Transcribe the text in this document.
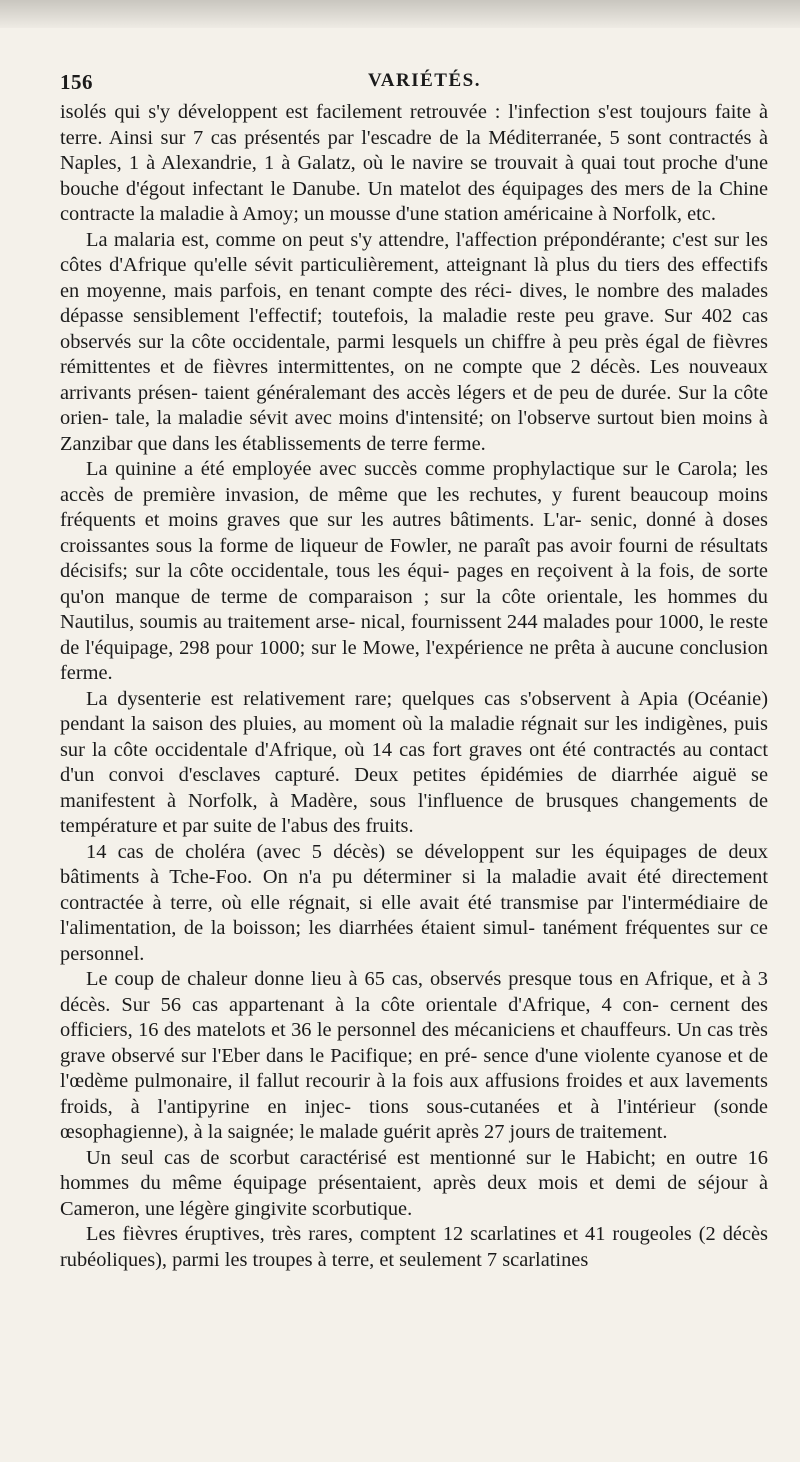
156	VARIÉTÉS.

isolés qui s'y développent est facilement retrouvée : l'infection s'est toujours faite à terre. Ainsi sur 7 cas présentés par l'escadre de la Méditerranée, 5 sont contractés à Naples, 1 à Alexandrie, 1 à Galatz, où le navire se trouvait à quai tout proche d'une bouche d'égout infectant le Danube. Un matelot des équipages des mers de la Chine contracte la maladie à Amoy; un mousse d'une station américaine à Norfolk, etc.

La malaria est, comme on peut s'y attendre, l'affection prépondérante; c'est sur les côtes d'Afrique qu'elle sévit particulièrement, atteignant là plus du tiers des effectifs en moyenne, mais parfois, en tenant compte des réci- dives, le nombre des malades dépasse sensiblement l'effectif; toutefois, la maladie reste peu grave. Sur 402 cas observés sur la côte occidentale, parmi lesquels un chiffre à peu près égal de fièvres rémittentes et de fièvres intermittentes, on ne compte que 2 décès. Les nouveaux arrivants présen- taient généralemant des accès légers et de peu de durée. Sur la côte orien- tale, la maladie sévit avec moins d'intensité; on l'observe surtout bien moins à Zanzibar que dans les établissements de terre ferme.

La quinine a été employée avec succès comme prophylactique sur le Carola; les accès de première invasion, de même que les rechutes, y furent beaucoup moins fréquents et moins graves que sur les autres bâtiments. L'ar- senic, donné à doses croissantes sous la forme de liqueur de Fowler, ne paraît pas avoir fourni de résultats décisifs; sur la côte occidentale, tous les équi- pages en reçoivent à la fois, de sorte qu'on manque de terme de comparaison ; sur la côte orientale, les hommes du Nautilus, soumis au traitement arse- nical, fournissent 244 malades pour 1000, le reste de l'équipage, 298 pour 1000; sur le Mowe, l'expérience ne prêta à aucune conclusion ferme.

La dysenterie est relativement rare; quelques cas s'observent à Apia (Océanie) pendant la saison des pluies, au moment où la maladie régnait sur les indigènes, puis sur la côte occidentale d'Afrique, où 14 cas fort graves ont été contractés au contact d'un convoi d'esclaves capturé. Deux petites épidémies de diarrhée aiguë se manifestent à Norfolk, à Madère, sous l'influence de brusques changements de température et par suite de l'abus des fruits.

14 cas de choléra (avec 5 décès) se développent sur les équipages de deux bâtiments à Tche-Foo. On n'a pu déterminer si la maladie avait été directement contractée à terre, où elle régnait, si elle avait été transmise par l'intermédiaire de l'alimentation, de la boisson; les diarrhées étaient simul- tanément fréquentes sur ce personnel.

Le coup de chaleur donne lieu à 65 cas, observés presque tous en Afrique, et à 3 décès. Sur 56 cas appartenant à la côte orientale d'Afrique, 4 con- cernent des officiers, 16 des matelots et 36 le personnel des mécaniciens et chauffeurs. Un cas très grave observé sur l'Eber dans le Pacifique; en pré- sence d'une violente cyanose et de l'œdème pulmonaire, il fallut recourir à la fois aux affusions froides et aux lavements froids, à l'antipyrine en injec- tions sous-cutanées et à l'intérieur (sonde œsophagienne), à la saignée; le malade guérit après 27 jours de traitement.

Un seul cas de scorbut caractérisé est mentionné sur le Habicht; en outre 16 hommes du même équipage présentaient, après deux mois et demi de séjour à Cameron, une légère gingivite scorbutique.

Les fièvres éruptives, très rares, comptent 12 scarlatines et 41 rougeoles (2 décès rubéoliques), parmi les troupes à terre, et seulement 7 scarlatines
